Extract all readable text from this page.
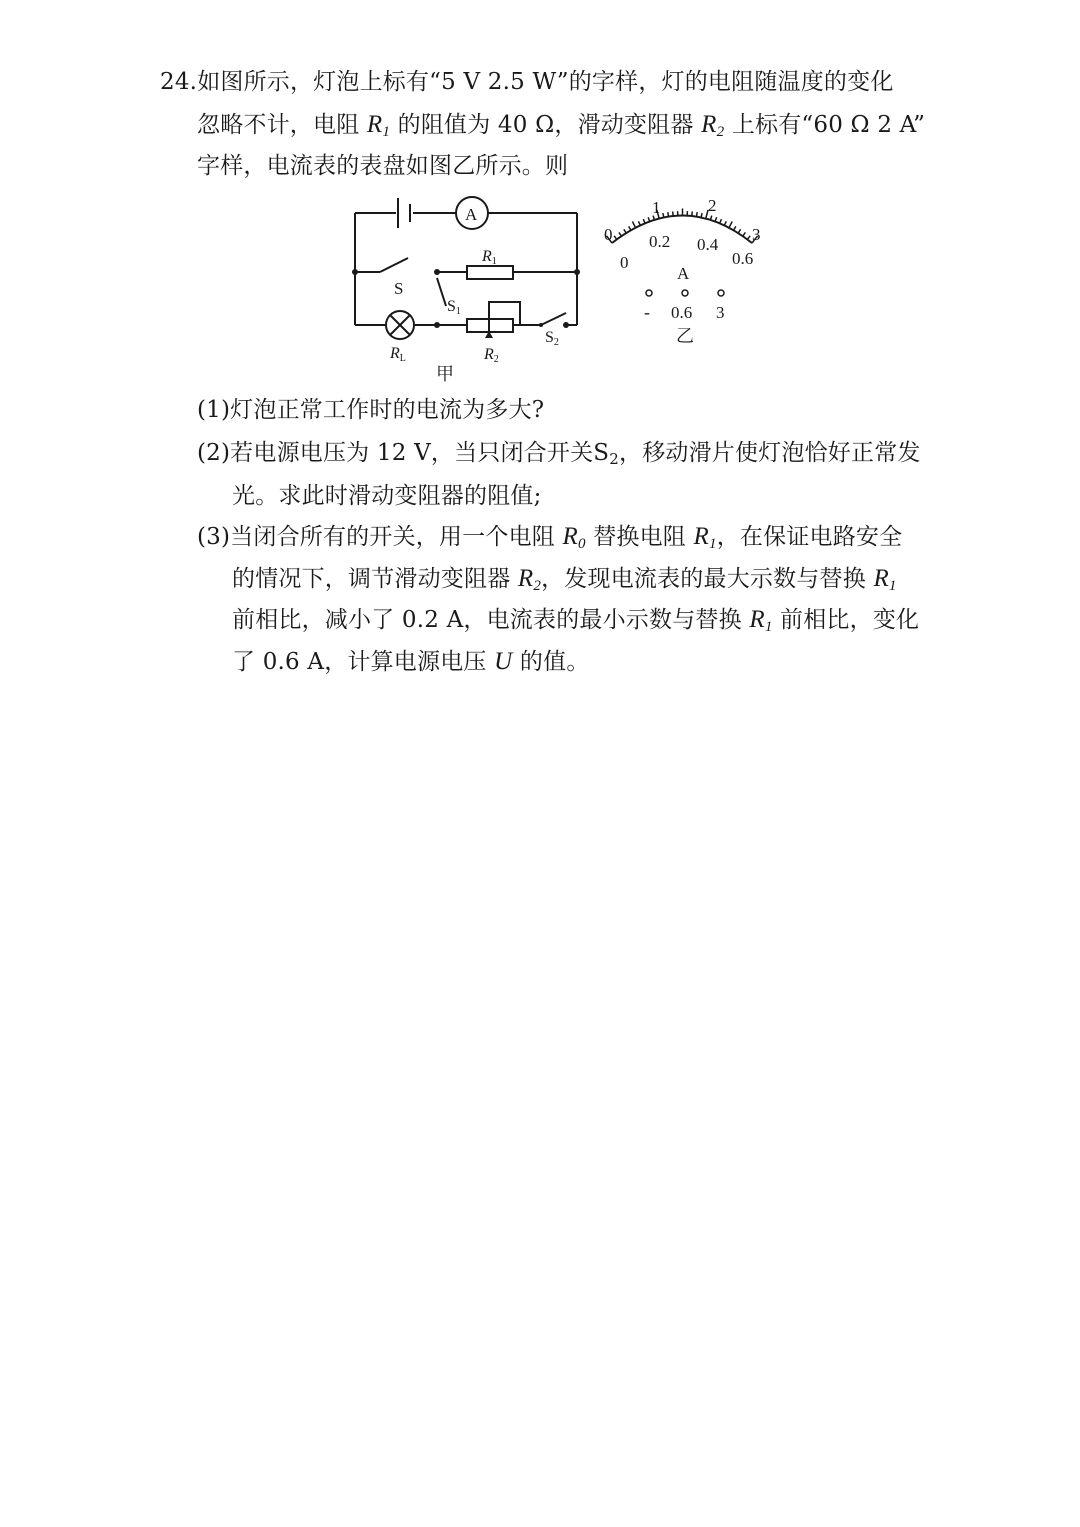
24.如图所示，灯泡上标有“5 V 2.5 W”的字样，灯的电阻随温度的变化
忽略不计，电阻 $R_1$ 的阻值为 40 Ω，滑动变阻器 $R_2$ 上标有“60 Ω 2 A”
字样，电流表的表盘如图乙所示。则
A
R1
S
S1
RL	R2
S2
甲
0
1	2
3
0
0.2 0.4
0.6
A
- 0.6 3
乙
(1)灯泡正常工作时的电流为多大?
(2)若电源电压为 12 V，当只闭合开关$S_2$，移动滑片使灯泡恰好正常发
光。求此时滑动变阻器的阻值;
(3)当闭合所有的开关，用一个电阻 $R_0$ 替换电阻 $R_1$，在保证电路安全
的情况下，调节滑动变阻器 $R_2$，发现电流表的最大示数与替换 $R_1$
前相比，减小了 0.2 A，电流表的最小示数与替换 $R_1$ 前相比，变化
了 0.6 A，计算电源电压 U 的值。
